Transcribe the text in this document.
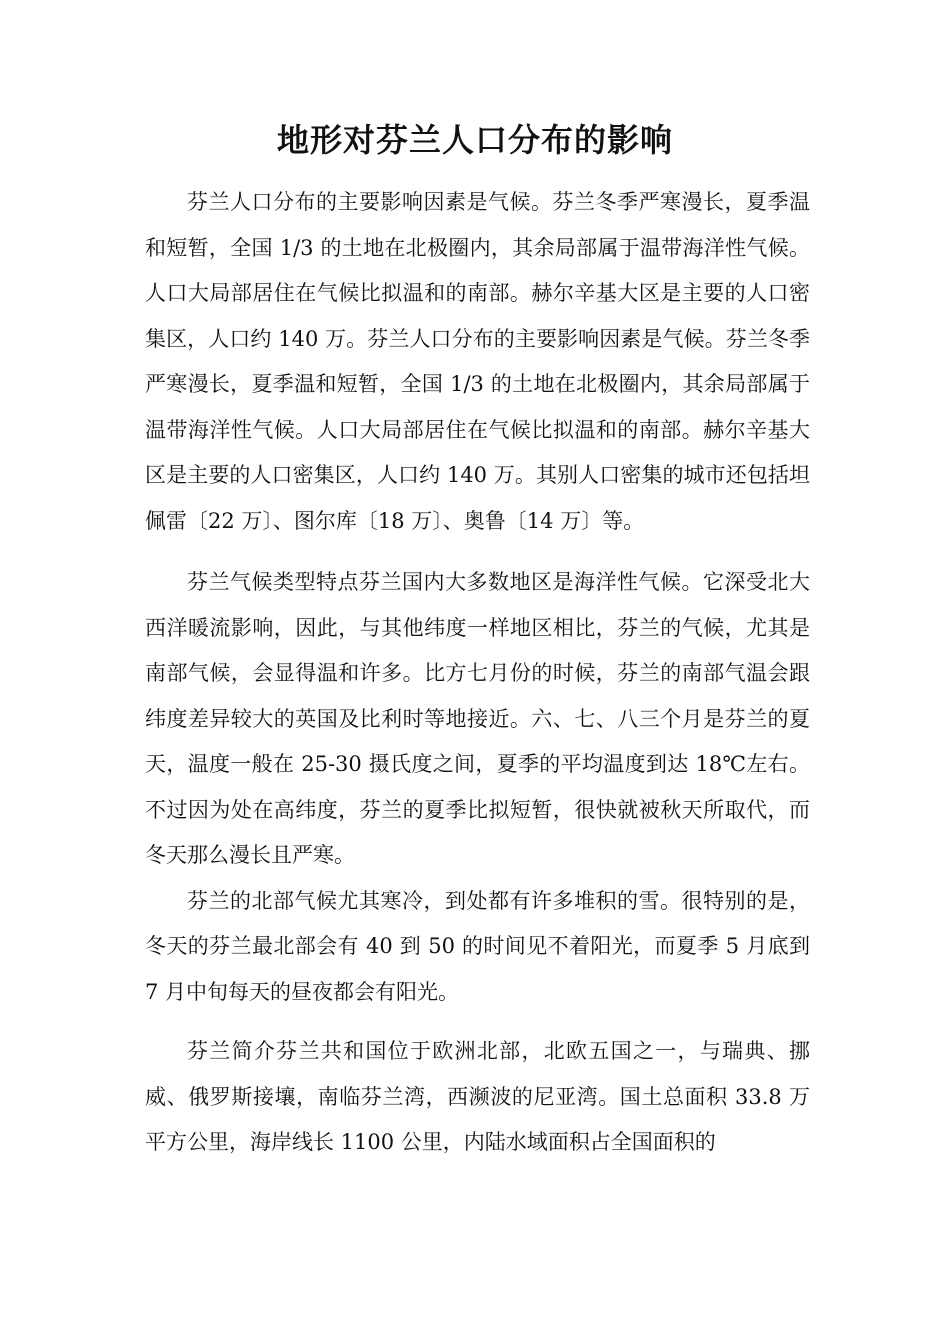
地形对芬兰人口分布的影响

芬兰人口分布的主要影响因素是气候。芬兰冬季严寒漫长，夏季温和短暂，全国 1/3 的土地在北极圈内，其余局部属于温带海洋性气候。人口大局部居住在气候比拟温和的南部。赫尔辛基大区是主要的人口密集区，人口约 140 万。芬兰人口分布的主要影响因素是气候。芬兰冬季严寒漫长，夏季温和短暂，全国 1/3 的土地在北极圈内，其余局部属于温带海洋性气候。人口大局部居住在气候比拟温和的南部。赫尔辛基大区是主要的人口密集区，人口约 140 万。其别人口密集的城市还包括坦佩雷〔22 万〕、图尔库〔18 万〕、奥鲁〔14 万〕等。

芬兰气候类型特点芬兰国内大多数地区是海洋性气候。它深受北大西洋暖流影响，因此，与其他纬度一样地区相比，芬兰的气候，尤其是南部气候，会显得温和许多。比方七月份的时候，芬兰的南部气温会跟纬度差异较大的英国及比利时等地接近。六、七、八三个月是芬兰的夏天，温度一般在 25-30 摄氏度之间，夏季的平均温度到达 18℃左右。不过因为处在高纬度，芬兰的夏季比拟短暂，很快就被秋天所取代，而冬天那么漫长且严寒。

芬兰的北部气候尤其寒冷，到处都有许多堆积的雪。很特别的是，冬天的芬兰最北部会有 40 到 50 的时间见不着阳光，而夏季 5 月底到 7 月中旬每天的昼夜都会有阳光。

芬兰简介芬兰共和国位于欧洲北部，北欧五国之一，与瑞典、挪威、俄罗斯接壤，南临芬兰湾，西濒波的尼亚湾。国土总面积 33.8 万平方公里，海岸线长 1100 公里，内陆水域面积占全国面积的
